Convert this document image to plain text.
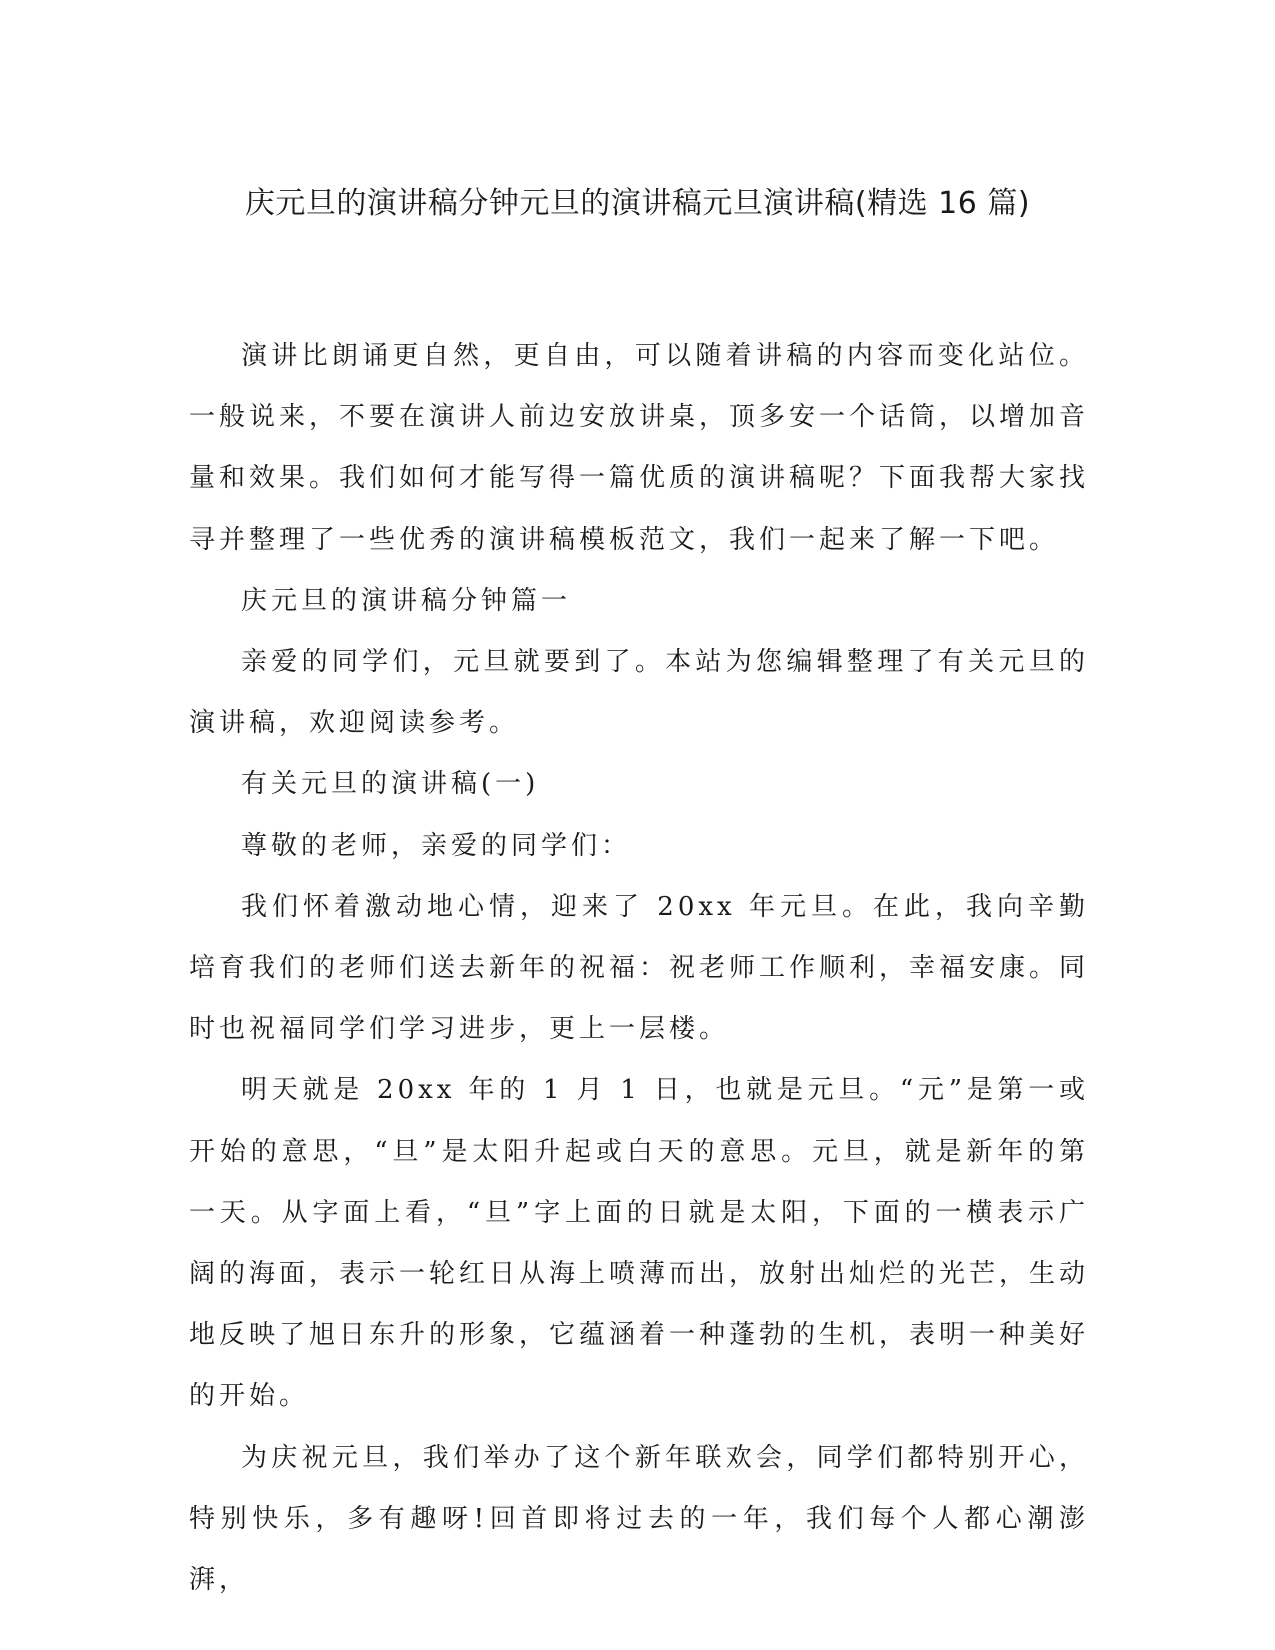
庆元旦的演讲稿分钟元旦的演讲稿元旦演讲稿(精选 16 篇)

演讲比朗诵更自然，更自由，可以随着讲稿的内容而变化站位。一般说来，不要在演讲人前边安放讲桌，顶多安一个话筒，以增加音量和效果。我们如何才能写得一篇优质的演讲稿呢？下面我帮大家找寻并整理了一些优秀的演讲稿模板范文，我们一起来了解一下吧。

庆元旦的演讲稿分钟篇一

亲爱的同学们，元旦就要到了。本站为您编辑整理了有关元旦的演讲稿，欢迎阅读参考。

有关元旦的演讲稿(一)

尊敬的老师，亲爱的同学们：

我们怀着激动地心情，迎来了 20xx 年元旦。在此，我向辛勤培育我们的老师们送去新年的祝福：祝老师工作顺利，幸福安康。同时也祝福同学们学习进步，更上一层楼。

明天就是 20xx 年的 1 月 1 日，也就是元旦。“元”是第一或开始的意思，“旦”是太阳升起或白天的意思。元旦，就是新年的第一天。从字面上看，“旦”字上面的日就是太阳，下面的一横表示广阔的海面，表示一轮红日从海上喷薄而出，放射出灿烂的光芒，生动地反映了旭日东升的形象，它蕴涵着一种蓬勃的生机，表明一种美好的开始。

为庆祝元旦，我们举办了这个新年联欢会，同学们都特别开心，特别快乐，多有趣呀!回首即将过去的一年，我们每个人都心潮澎湃，
